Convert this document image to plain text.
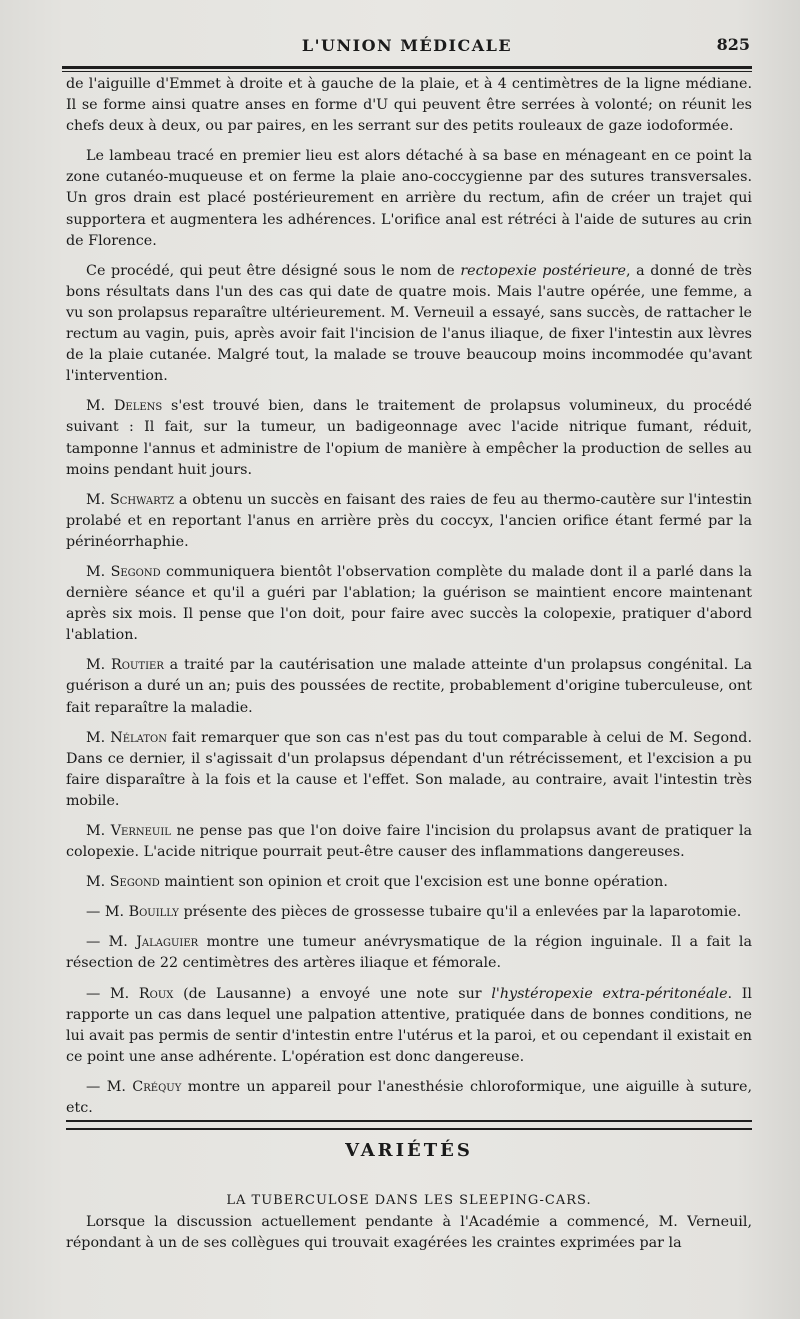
L'UNION MÉDICALE	825

de l'aiguille d'Emmet à droite et à gauche de la plaie, et à 4 centimètres de la ligne médiane. Il se forme ainsi quatre anses en forme d'U qui peuvent être serrées à volonté; on réunit les chefs deux à deux, ou par paires, en les serrant sur des petits rouleaux de gaze iodoformée.

Le lambeau tracé en premier lieu est alors détaché à sa base en ménageant en ce point la zone cutanéo-muqueuse et on ferme la plaie ano-coccygienne par des sutures transversales. Un gros drain est placé postérieurement en arrière du rectum, afin de créer un trajet qui supportera et augmentera les adhérences. L'orifice anal est rétréci à l'aide de sutures au crin de Florence.

Ce procédé, qui peut être désigné sous le nom de rectopexie postérieure, a donné de très bons résultats dans l'un des cas qui date de quatre mois. Mais l'autre opérée, une femme, a vu son prolapsus reparaître ultérieurement. M. Verneuil a essayé, sans succès, de rattacher le rectum au vagin, puis, après avoir fait l'incision de l'anus iliaque, de fixer l'intestin aux lèvres de la plaie cutanée. Malgré tout, la malade se trouve beaucoup moins incommodée qu'avant l'intervention.

M. Delens s'est trouvé bien, dans le traitement de prolapsus volumineux, du procédé suivant : Il fait, sur la tumeur, un badigeonnage avec l'acide nitrique fumant, réduit, tamponne l'annus et administre de l'opium de manière à empêcher la production de selles au moins pendant huit jours.

M. Schwartz a obtenu un succès en faisant des raies de feu au thermo-cautère sur l'intestin prolabé et en reportant l'anus en arrière près du coccyx, l'ancien orifice étant fermé par la périnéorrhaphie.

M. Segond communiquera bientôt l'observation complète du malade dont il a parlé dans la dernière séance et qu'il a guéri par l'ablation; la guérison se maintient encore maintenant après six mois. Il pense que l'on doit, pour faire avec succès la colopexie, pratiquer d'abord l'ablation.

M. Routier a traité par la cautérisation une malade atteinte d'un prolapsus congénital. La guérison a duré un an; puis des poussées de rectite, probablement d'origine tuberculeuse, ont fait reparaître la maladie.

M. Nélaton fait remarquer que son cas n'est pas du tout comparable à celui de M. Segond. Dans ce dernier, il s'agissait d'un prolapsus dépendant d'un rétrécissement, et l'excision a pu faire disparaître à la fois et la cause et l'effet. Son malade, au contraire, avait l'intestin très mobile.

M. Verneuil ne pense pas que l'on doive faire l'incision du prolapsus avant de pratiquer la colopexie. L'acide nitrique pourrait peut-être causer des inflammations dangereuses.

M. Segond maintient son opinion et croit que l'excision est une bonne opération.

— M. Bouilly présente des pièces de grossesse tubaire qu'il a enlevées par la laparotomie.

— M. Jalaguier montre une tumeur anévrysmatique de la région inguinale. Il a fait la résection de 22 centimètres des artères iliaque et fémorale.

— M. Roux (de Lausanne) a envoyé une note sur l'hystéropexie extra-péritonéale. Il rapporte un cas dans lequel une palpation attentive, pratiquée dans de bonnes conditions, ne lui avait pas permis de sentir d'intestin entre l'utérus et la paroi, et ou cependant il existait en ce point une anse adhérente. L'opération est donc dangereuse.

— M. Créquy montre un appareil pour l'anesthésie chloroformique, une aiguille à suture, etc.

VARIÉTÉS
LA TUBERCULOSE DANS LES SLEEPING-CARS.

Lorsque la discussion actuellement pendante à l'Académie a commencé, M. Verneuil, répondant à un de ses collègues qui trouvait exagérées les craintes exprimées par la
